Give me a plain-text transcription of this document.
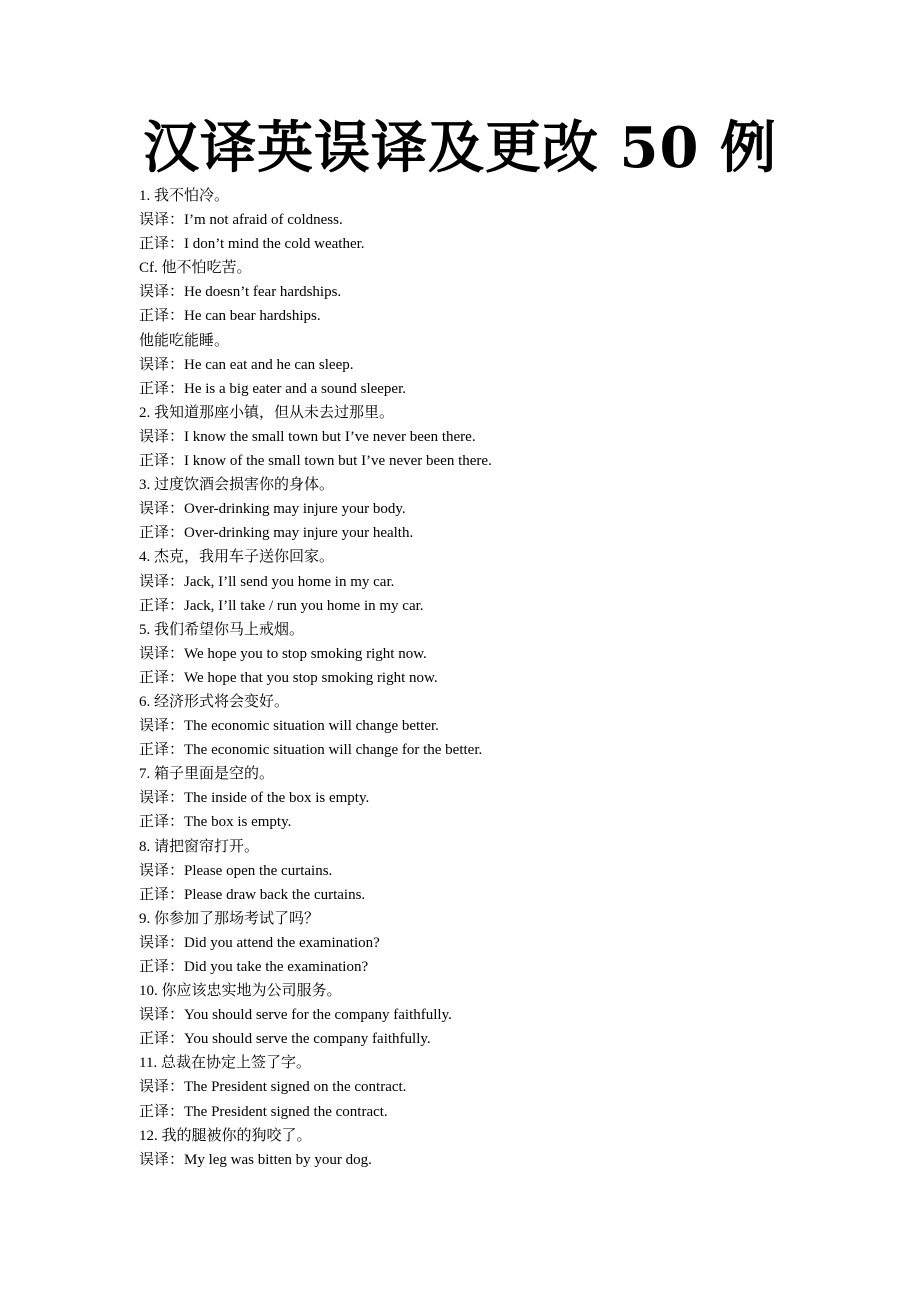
汉译英误译及更改 50 例
1. 我不怕冷。
误译：I’m not afraid of coldness.
正译：I don’t mind the cold weather.
Cf. 他不怕吃苦。
误译：He doesn’t fear hardships.
正译：He can bear hardships.
他能吃能睡。
误译：He can eat and he can sleep.
正译：He is a big eater and a sound sleeper.
2. 我知道那座小镇，但从未去过那里。
误译：I know the small town but I’ve never been there.
正译：I know of the small town but I’ve never been there.
3. 过度饮酒会损害你的身体。
误译：Over-drinking may injure your body.
正译：Over-drinking may injure your health.
4. 杰克，我用车子送你回家。
误译：Jack, I’ll send you home in my car.
正译：Jack, I’ll take / run you home in my car.
5. 我们希望你马上戒烟。
误译：We hope you to stop smoking right now.
正译：We hope that you stop smoking right now.
6. 经济形式将会变好。
误译：The economic situation will change better.
正译：The economic situation will change for the better.
7. 箱子里面是空的。
误译：The inside of the box is empty.
正译：The box is empty.
8. 请把窗帘打开。
误译：Please open the curtains.
正译：Please draw back the curtains.
9. 你参加了那场考试了吗？
误译：Did you attend the examination?
正译：Did you take the examination?
10. 你应该忠实地为公司服务。
误译：You should serve for the company faithfully.
正译：You should serve the company faithfully.
11. 总裁在协定上签了字。
误译：The President signed on the contract.
正译：The President signed the contract.
12. 我的腿被你的狗咬了。
误译：My leg was bitten by your dog.
